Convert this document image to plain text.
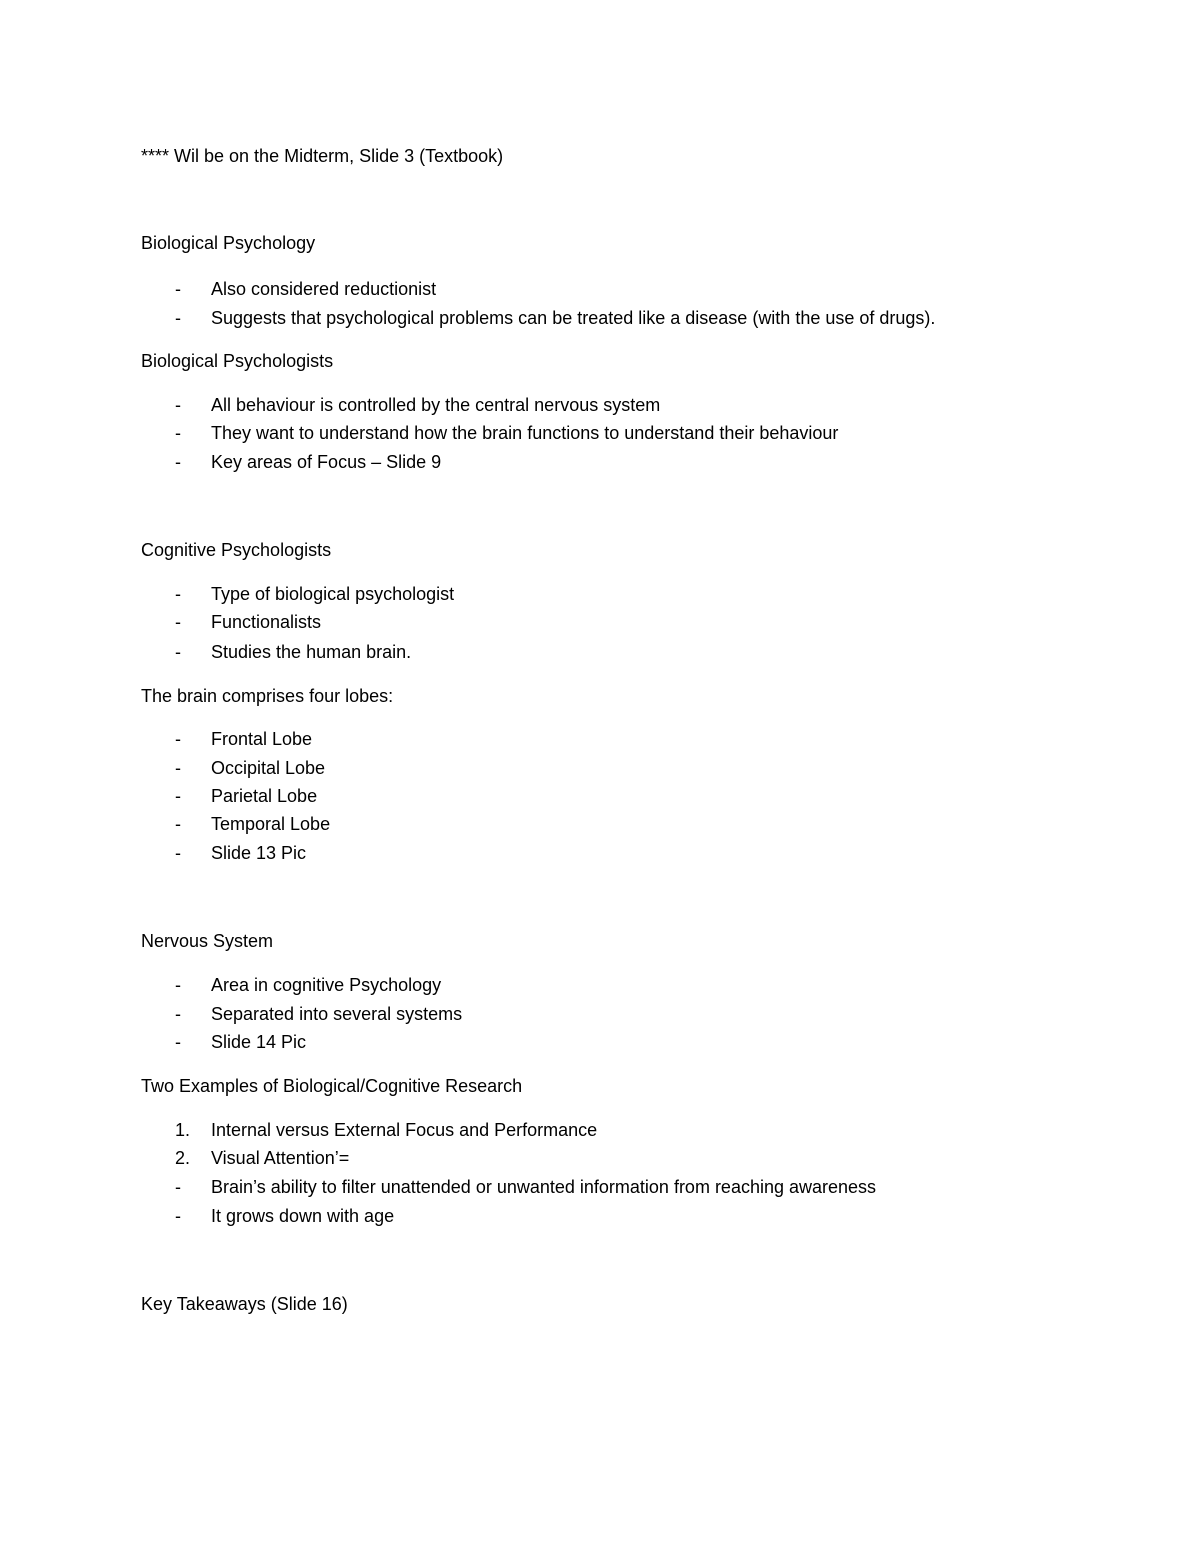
**** Wil be on the Midterm, Slide 3 (Textbook)
Biological Psychology
-	Also considered reductionist
-	Suggests that psychological problems can be treated like a disease (with the use of drugs).
Biological Psychologists
-	All behaviour is controlled by the central nervous system
-	They want to understand how the brain functions to understand their behaviour
-	Key areas of Focus – Slide 9
Cognitive Psychologists
-	Type of biological psychologist
-	Functionalists
-	Studies the human brain.
The brain comprises four lobes:
-	Frontal Lobe
-	Occipital Lobe
-	Parietal Lobe
-	Temporal Lobe
-	Slide 13 Pic
Nervous System
-	Area in cognitive Psychology
-	Separated into several systems
-	Slide 14 Pic
Two Examples of Biological/Cognitive Research
1.	Internal versus External Focus and Performance
2.	Visual Attention’=
-	Brain’s ability to filter unattended or unwanted information from reaching awareness
-	It grows down with age
Key Takeaways (Slide 16)
